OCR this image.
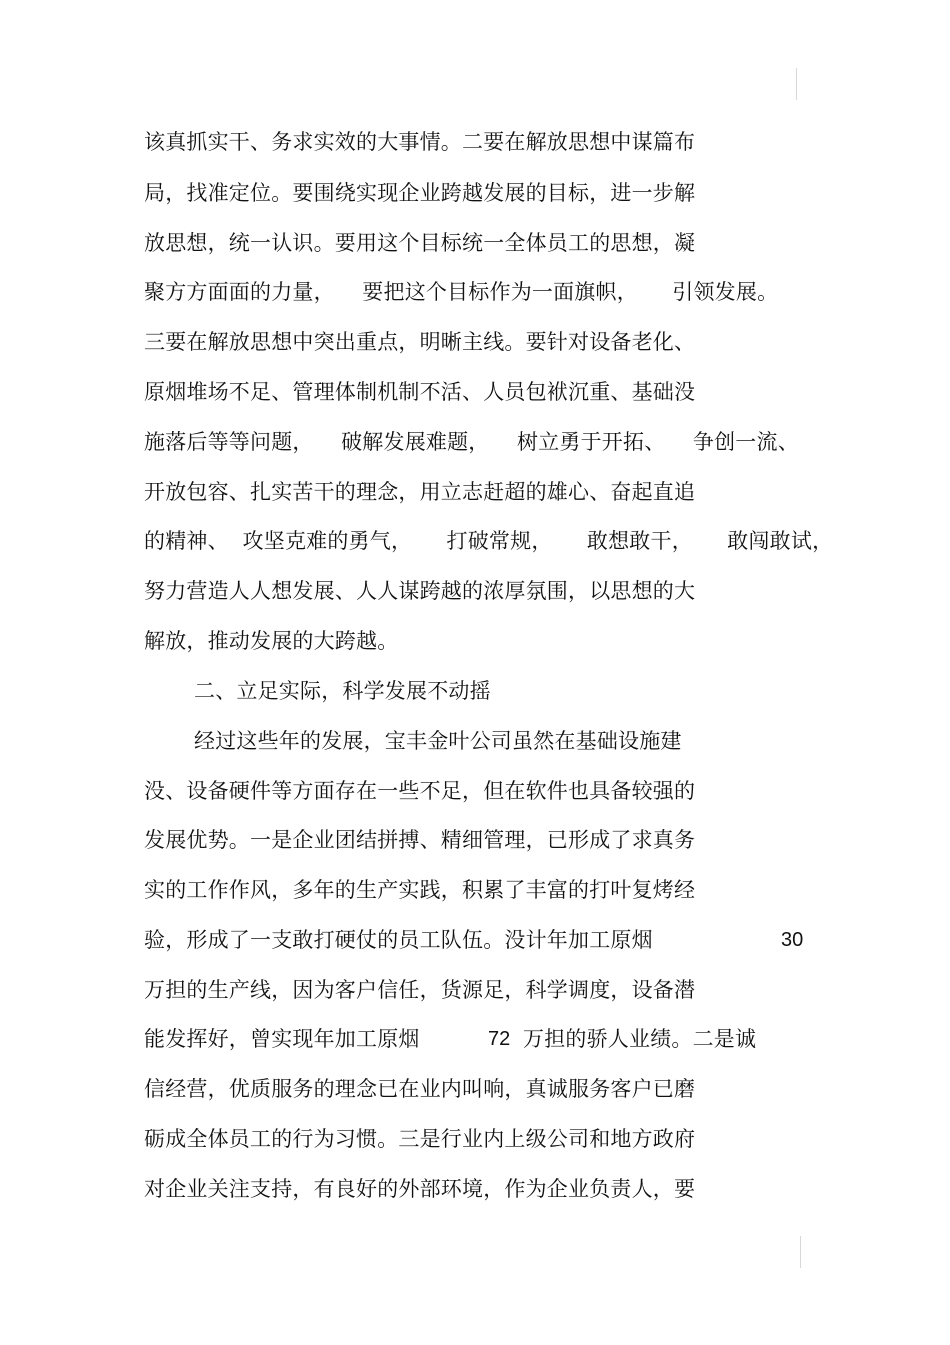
该真抓实干、务求实效的大事情。二要在解放思想中谋篇布
局，找准定位。要围绕实现企业跨越发展的目标，进一步解
放思想，统一认识。要用这个目标统一全体员工的思想，凝
聚方方面面的力量，    要把这个目标作为一面旗帜，     引领发展。
三要在解放思想中突出重点，明晰主线。要针对设备老化、
原烟堆场不足、管理体制机制不活、人员包袱沉重、基础没
施落后等等问题，    破解发展难题，    树立勇于开拓、    争创一流、
开放包容、扎实苦干的理念，用立志赶超的雄心、奋起直追
的精神、  攻坚克难的勇气，     打破常规，     敢想敢干，     敢闯敢试，
努力营造人人想发展、人人谋跨越的浓厚氛围，以思想的大
解放，推动发展的大跨越。
二、立足实际，科学发展不动摇
经过这些年的发展，宝丰金叶公司虽然在基础设施建
没、设备硬件等方面存在一些不足，但在软件也具备较强的
发展优势。一是企业团结拼搏、精细管理，已形成了求真务
实的工作作风，多年的生产实践，积累了丰富的打叶复烤经
验，形成了一支敢打硬仗的员工队伍。没计年加工原烟	30
万担的生产线，因为客户信任，货源足，科学调度，设备潜
能发挥好，曾实现年加工原烟	72 万担的骄人业绩。二是诚
信经营，优质服务的理念已在业内叫响，真诚服务客户已磨
砺成全体员工的行为习惯。三是行业内上级公司和地方政府
对企业关注支持，有良好的外部环境，作为企业负责人，要
